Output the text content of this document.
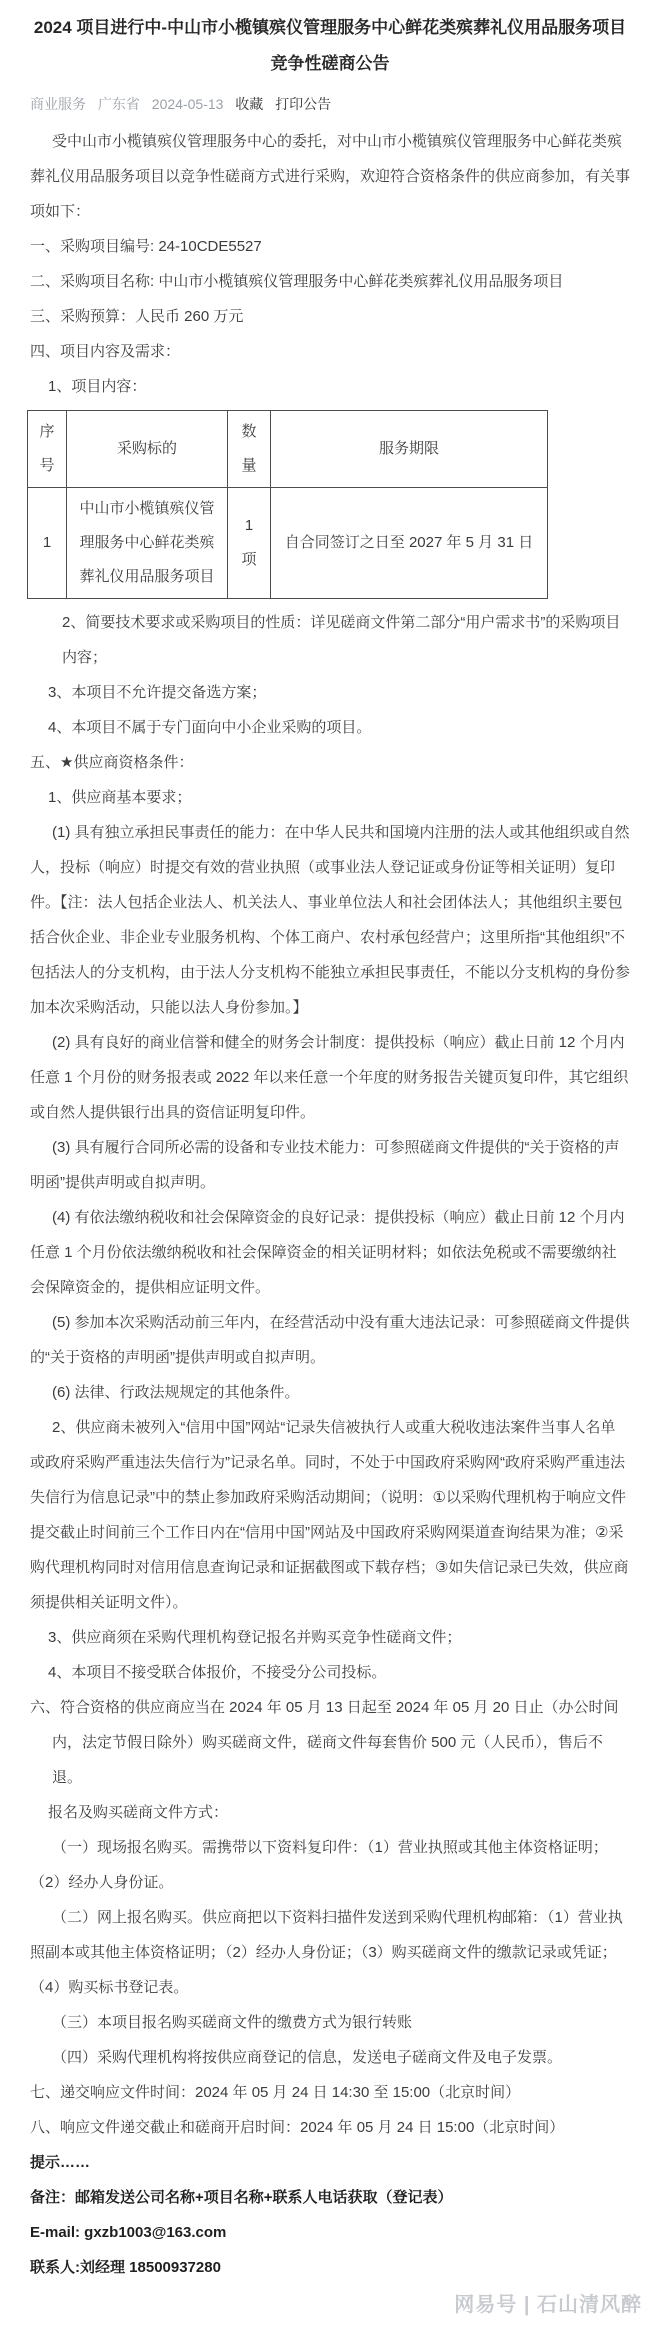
2024 项目进行中-中山市小榄镇殡仪管理服务中心鲜花类殡葬礼仪用品服务项目竞争性磋商公告
商业服务 广东省 2024-05-13 收藏 打印公告

受中山市小榄镇殡仪管理服务中心的委托，对中山市小榄镇殡仪管理服务中心鲜花类殡葬礼仪用品服务项目以竞争性磋商方式进行采购，欢迎符合资格条件的供应商参加，有关事项如下：

一、采购项目编号: 24-10CDE5527

二、采购项目名称: 中山市小榄镇殡仪管理服务中心鲜花类殡葬礼仪用品服务项目

三、采购预算：人民币 260 万元

四、项目内容及需求：

1、项目内容：

序号	采购标的	数量	服务期限
1	中山市小榄镇殡仪管理服务中心鲜花类殡葬礼仪用品服务项目	1 项	自合同签订之日至 2027 年 5 月 31 日

2、简要技术要求或采购项目的性质：详见磋商文件第二部分“用户需求书”的采购项目内容；

3、本项目不允许提交备选方案；

4、本项目不属于专门面向中小企业采购的项目。

五、★供应商资格条件：

1、供应商基本要求；

(1) 具有独立承担民事责任的能力：在中华人民共和国境内注册的法人或其他组织或自然人，投标（响应）时提交有效的营业执照（或事业法人登记证或身份证等相关证明）复印件。【注：法人包括企业法人、机关法人、事业单位法人和社会团体法人；其他组织主要包括合伙企业、非企业专业服务机构、个体工商户、农村承包经营户；这里所指“其他组织”不包括法人的分支机构，由于法人分支机构不能独立承担民事责任，不能以分支机构的身份参加本次采购活动，只能以法人身份参加。】

(2) 具有良好的商业信誉和健全的财务会计制度：提供投标（响应）截止日前 12 个月内任意 1 个月份的财务报表或 2022 年以来任意一个年度的财务报告关键页复印件，其它组织或自然人提供银行出具的资信证明复印件。

(3) 具有履行合同所必需的设备和专业技术能力：可参照磋商文件提供的“关于资格的声明函”提供声明或自拟声明。

(4) 有依法缴纳税收和社会保障资金的良好记录：提供投标（响应）截止日前 12 个月内任意 1 个月份依法缴纳税收和社会保障资金的相关证明材料；如依法免税或不需要缴纳社会保障资金的，提供相应证明文件。

(5) 参加本次采购活动前三年内，在经营活动中没有重大违法记录：可参照磋商文件提供的“关于资格的声明函”提供声明或自拟声明。

(6) 法律、行政法规规定的其他条件。

2、供应商未被列入“信用中国”网站“记录失信被执行人或重大税收违法案件当事人名单或政府采购严重违法失信行为”记录名单。同时，不处于中国政府采购网“政府采购严重违法失信行为信息记录”中的禁止参加政府采购活动期间；（说明：①以采购代理机构于响应文件提交截止时间前三个工作日内在“信用中国”网站及中国政府采购网渠道查询结果为准；②采购代理机构同时对信用信息查询记录和证据截图或下载存档；③如失信记录已失效，供应商须提供相关证明文件）。

3、供应商须在采购代理机构登记报名并购买竞争性磋商文件；

4、本项目不接受联合体报价，不接受分公司投标。

六、符合资格的供应商应当在 2024 年 05 月 13 日起至 2024 年 05 月 20 日止（办公时间内，法定节假日除外）购买磋商文件，磋商文件每套售价 500 元（人民币），售后不退。

报名及购买磋商文件方式：

（一）现场报名购买。需携带以下资料复印件：（1）营业执照或其他主体资格证明；（2）经办人身份证。

（二）网上报名购买。供应商把以下资料扫描件发送到采购代理机构邮箱：（1）营业执照副本或其他主体资格证明；（2）经办人身份证；（3）购买磋商文件的缴款记录或凭证；（4）购买标书登记表。

（三）本项目报名购买磋商文件的缴费方式为银行转账

（四）采购代理机构将按供应商登记的信息，发送电子磋商文件及电子发票。

七、递交响应文件时间：2024 年 05 月 24 日 14:30 至 15:00（北京时间）

八、响应文件递交截止和磋商开启时间：2024 年 05 月 24 日 15:00（北京时间）

提示……

备注：邮箱发送公司名称+项目名称+联系人电话获取（登记表）

E-mail: gxzb1003@163.com

联系人:刘经理 18500937280

网易号 | 石山清风醉
